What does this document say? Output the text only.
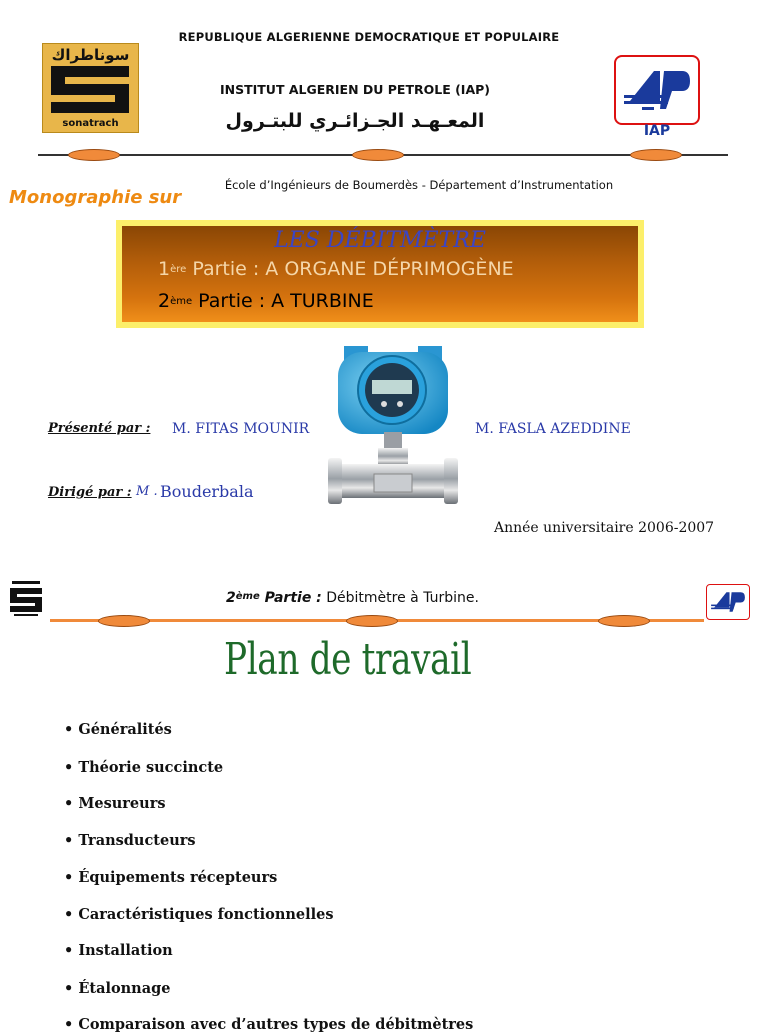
REPUBLIQUE ALGERIENNE DEMOCRATIQUE ET POPULAIRE
سوناطراك
sonatrach
INSTITUT ALGERIEN DU PETROLE (IAP)
المعـهـد الجـزائـري للبتـرول	IAP
École d’Ingénieurs de Boumerdès - Département d’Instrumentation
Monographie sur
LES DÉBITMÈTRE
1ère Partie : A ORGANE DÉPRIMOGÈNE
2ème Partie : A TURBINE
Présenté par : M. FITAS MOUNIR	M. FASLA AZEDDINE
Dirigé par : M . Bouderbala
Année universitaire 2006-2007
2ème Partie : Débitmètre à Turbine.
Plan de travail
• Généralités
• Théorie succincte
• Mesureurs
• Transducteurs
• Équipements récepteurs
• Caractéristiques fonctionnelles
• Installation
• Étalonnage
• Comparaison avec d’autres types de débitmètres
